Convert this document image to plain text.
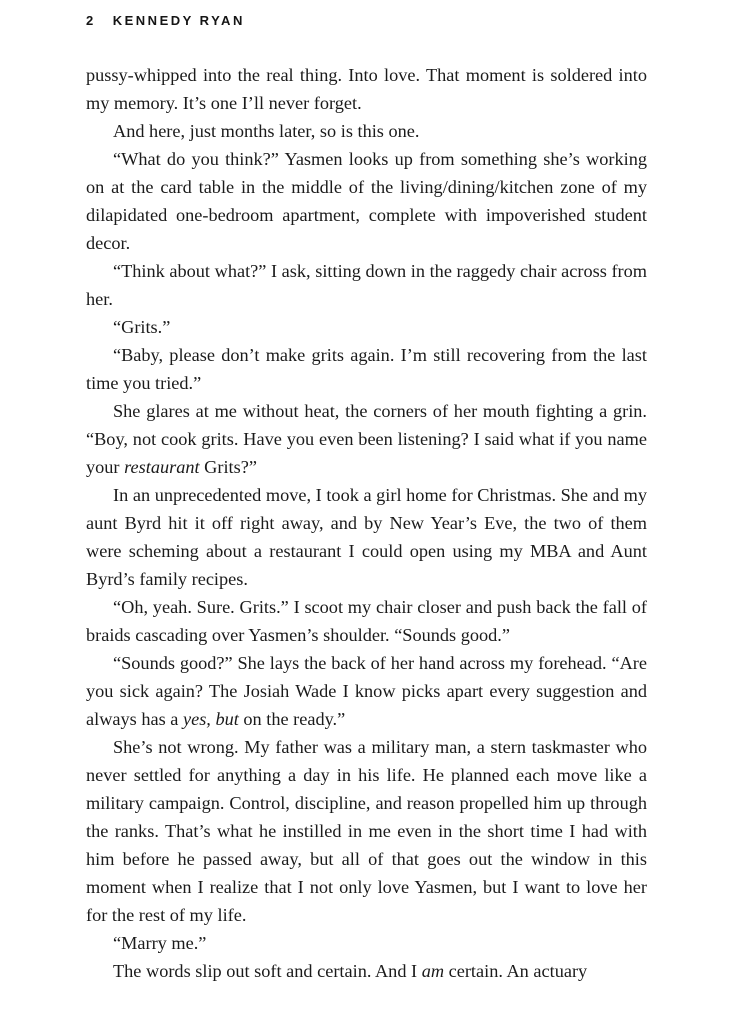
2 KENNEDY RYAN

pussy-whipped into the real thing. Into love. That moment is soldered into my memory. It’s one I’ll never forget.

And here, just months later, so is this one.

“What do you think?” Yasmen looks up from something she’s working on at the card table in the middle of the living/dining/kitchen zone of my dilapidated one-bedroom apartment, complete with impoverished student decor.

“Think about what?” I ask, sitting down in the raggedy chair across from her.

“Grits.”

“Baby, please don’t make grits again. I’m still recovering from the last time you tried.”

She glares at me without heat, the corners of her mouth fighting a grin. “Boy, not cook grits. Have you even been listening? I said what if you name your restaurant Grits?”

In an unprecedented move, I took a girl home for Christmas. She and my aunt Byrd hit it off right away, and by New Year’s Eve, the two of them were scheming about a restaurant I could open using my MBA and Aunt Byrd’s family recipes.

“Oh, yeah. Sure. Grits.” I scoot my chair closer and push back the fall of braids cascading over Yasmen’s shoulder. “Sounds good.”

“Sounds good?” She lays the back of her hand across my forehead. “Are you sick again? The Josiah Wade I know picks apart every suggestion and always has a yes, but on the ready.”

She’s not wrong. My father was a military man, a stern taskmaster who never settled for anything a day in his life. He planned each move like a military campaign. Control, discipline, and reason propelled him up through the ranks. That’s what he instilled in me even in the short time I had with him before he passed away, but all of that goes out the window in this moment when I realize that I not only love Yasmen, but I want to love her for the rest of my life.

“Marry me.”

The words slip out soft and certain. And I am certain. An actuary
